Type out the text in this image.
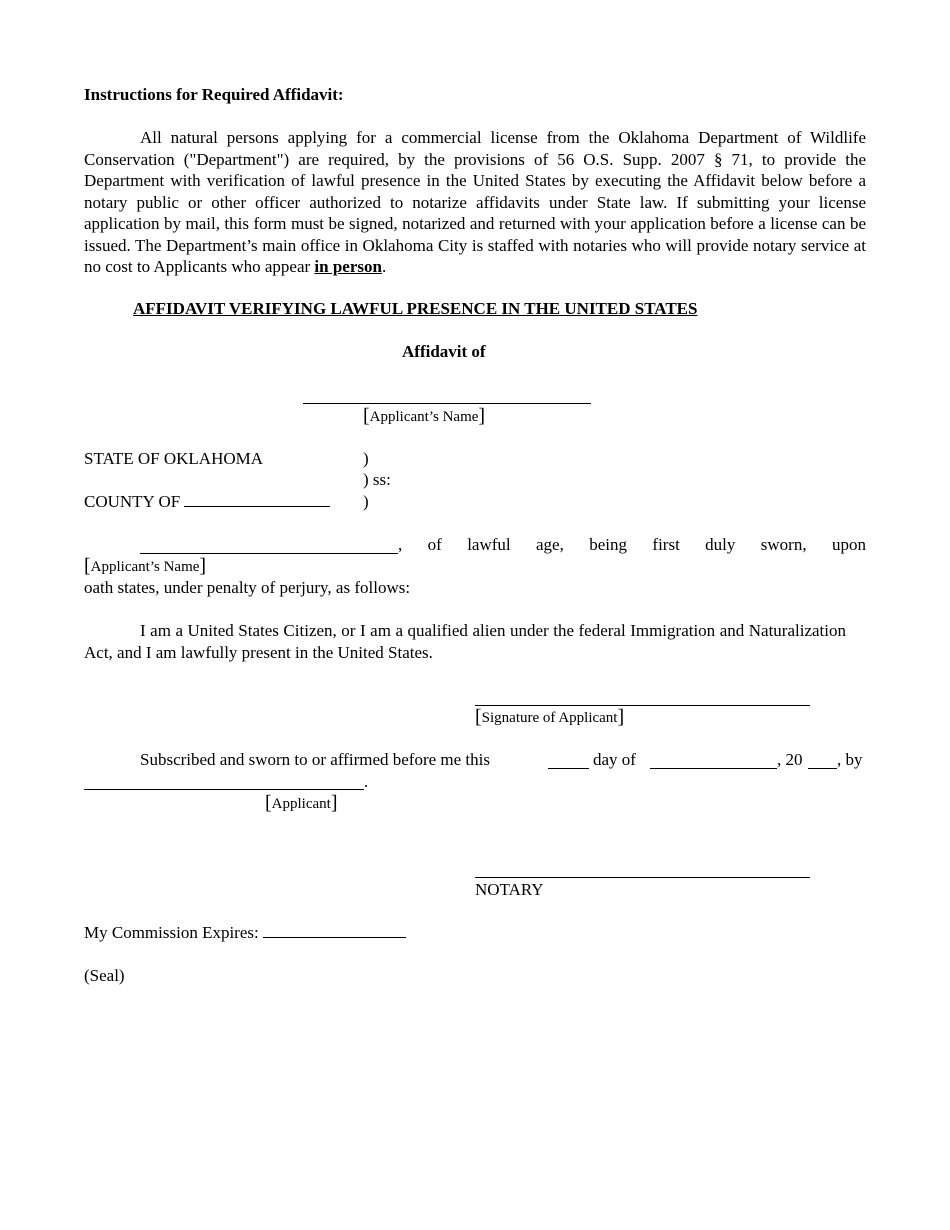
Instructions for Required Affidavit:
All natural persons applying for a commercial license from the Oklahoma Department of Wildlife Conservation ("Department") are required, by the provisions of 56 O.S. Supp. 2007 § 71, to provide the Department with verification of lawful presence in the United States by executing the Affidavit below before a notary public or other officer authorized to notarize affidavits under State law. If submitting your license application by mail, this form must be signed, notarized and returned with your application before a license can be issued. The Department’s main office in Oklahoma City is staffed with notaries who will provide notary service at no cost to Applicants who appear in person.
AFFIDAVIT VERIFYING LAWFUL PRESENCE IN THE UNITED STATES
Affidavit of
[Applicant’s Name]
STATE OF OKLAHOMA	)
) ss:
COUNTY OF	)
, of lawful age, being first duly sworn, upon
[Applicant’s Name]
oath states, under penalty of perjury, as follows:
I am a United States Citizen, or I am a qualified alien under the federal Immigration and Naturalization Act, and I am lawfully present in the United States.
[Signature of Applicant]
Subscribed and sworn to or affirmed before me this	day of	, 20 , by
.
[Applicant]
NOTARY
My Commission Expires:
(Seal)
